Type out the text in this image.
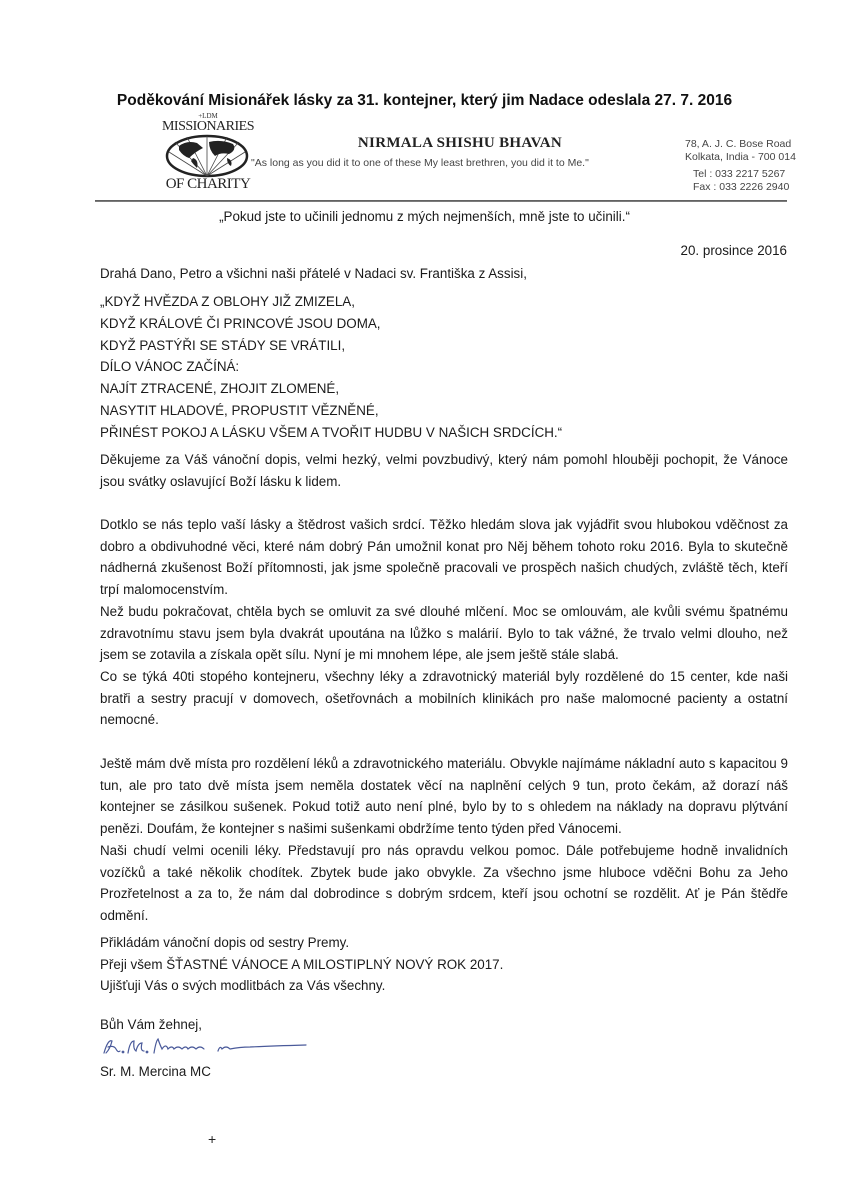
Poděkování Misionářek lásky za 31. kontejner, který jim Nadace odeslala 27. 7. 2016
+LDM
MISSIONARIES
OF CHARITY
NIRMALA SHISHU BHAVAN
"As long as you did it to one of these My least brethren, you did it to Me."
78, A. J. C. Bose Road
Kolkata, India - 700 014
Tel : 033 2217 5267
Fax : 033 2226 2940
„Pokud jste to učinili jednomu z mých nejmenších, mně jste to učinili.“
20. prosince 2016
Drahá Dano, Petro a všichni naši přátelé v Nadaci sv. Františka z Assisi,
„KDYŽ HVĚZDA Z OBLOHY JIŽ ZMIZELA,
KDYŽ KRÁLOVÉ ČI PRINCOVÉ JSOU DOMA,
KDYŽ PASTÝŘI SE STÁDY SE VRÁTILI,
DÍLO VÁNOC ZAČÍNÁ:
NAJÍT ZTRACENÉ, ZHOJIT ZLOMENÉ,
NASYTIT HLADOVÉ, PROPUSTIT VĚZNĚNÉ,
PŘINÉST POKOJ A LÁSKU VŠEM A TVOŘIT HUDBU V NAŠICH SRDCÍCH.“
Děkujeme za Váš vánoční dopis, velmi hezký, velmi povzbudivý, který nám pomohl hlouběji pochopit, že Vánoce jsou svátky oslavující Boží lásku k lidem.
Dotklo se nás teplo vaší lásky a štědrost vašich srdcí. Těžko hledám slova jak vyjádřit svou hlubokou vděčnost za dobro a obdivuhodné věci, které nám dobrý Pán umožnil konat pro Něj během tohoto roku 2016. Byla to skutečně nádherná zkušenost Boží přítomnosti, jak jsme společně pracovali ve prospěch našich chudých, zvláště těch, kteří trpí malomocenstvím.
Než budu pokračovat, chtěla bych se omluvit za své dlouhé mlčení. Moc se omlouvám, ale kvůli svému špatnému zdravotnímu stavu jsem byla dvakrát upoutána na lůžko s malárií. Bylo to tak vážné, že trvalo velmi dlouho, než jsem se zotavila a získala opět sílu. Nyní je mi mnohem lépe, ale jsem ještě stále slabá.
Co se týká 40ti stopého kontejneru, všechny léky a zdravotnický materiál byly rozdělené do 15 center, kde naši bratři a sestry pracují v domovech, ošetřovnách a mobilních klinikách pro naše malomocné pacienty a ostatní nemocné.
Ještě mám dvě místa pro rozdělení léků a zdravotnického materiálu. Obvykle najímáme nákladní auto s kapacitou 9 tun, ale pro tato dvě místa jsem neměla dostatek věcí na naplnění celých 9 tun, proto čekám, až dorazí náš kontejner se zásilkou sušenek. Pokud totiž auto není plné, bylo by to s ohledem na náklady na dopravu plýtvání penězi. Doufám, že kontejner s našimi sušenkami obdržíme tento týden před Vánocemi.
Naši chudí velmi ocenili léky. Představují pro nás opravdu velkou pomoc. Dále potřebujeme hodně invalidních vozíčků a také několik chodítek. Zbytek bude jako obvykle. Za všechno jsme hluboce vděčni Bohu za Jeho Prozřetelnost a za to, že nám dal dobrodince s dobrým srdcem, kteří jsou ochotní se rozdělit. Ať je Pán štědře odmění.
Přikládám vánoční dopis od sestry Premy.
Přeji všem ŠŤASTNÉ VÁNOCE A MILOSTIPLNÝ NOVÝ ROK 2017.
Ujišťuji Vás o svých modlitbách za Vás všechny.
Bůh Vám žehnej,
Sr. M. Mercina MC
+
